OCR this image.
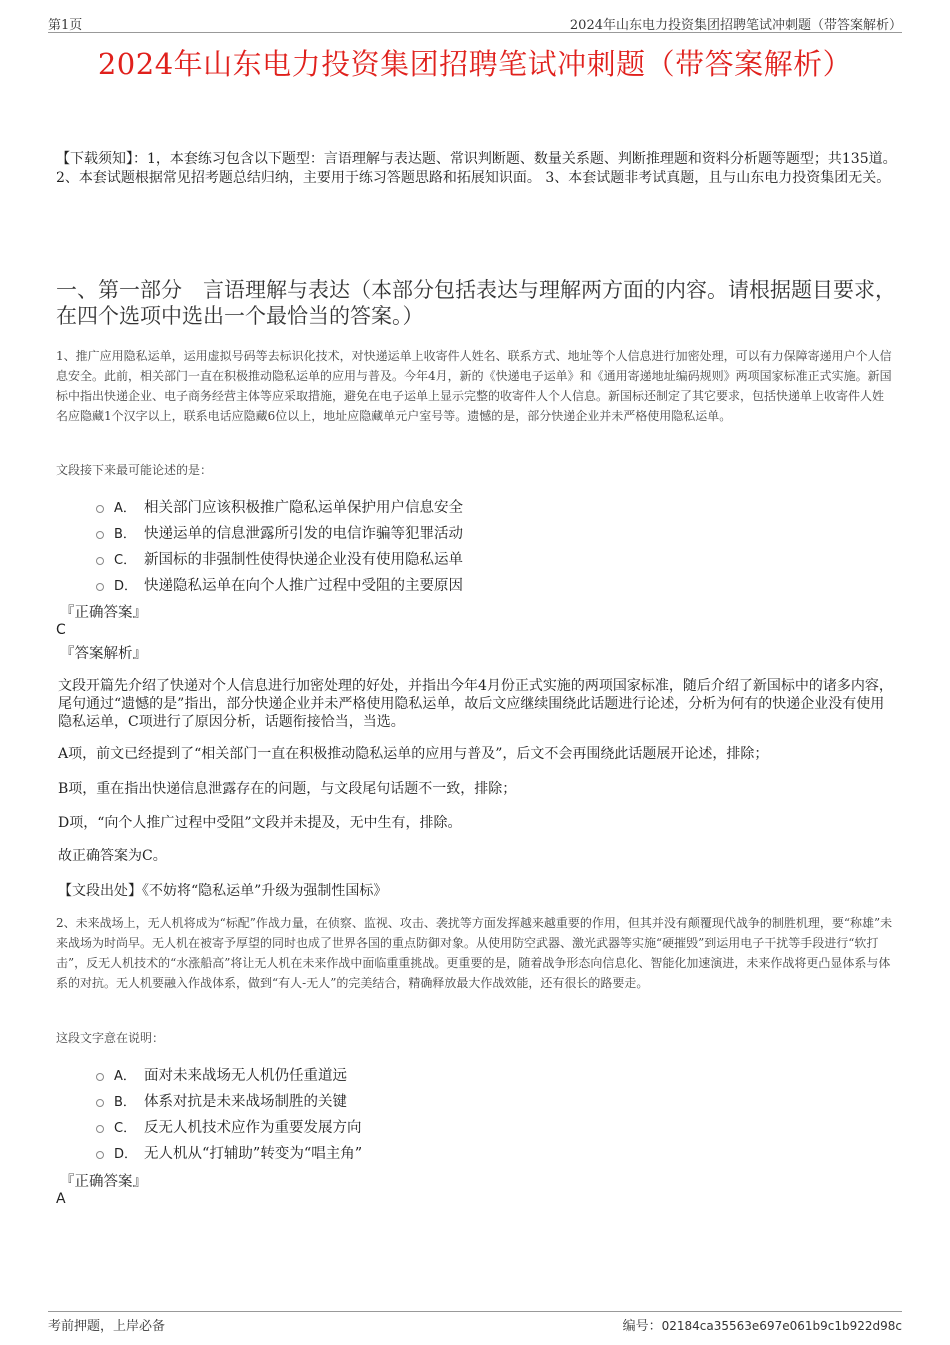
第1页	2024年山东电力投资集团招聘笔试冲刺题（带答案解析）
2024年山东电力投资集团招聘笔试冲刺题（带答案解析）
【下载须知】：1，本套练习包含以下题型：言语理解与表达题、常识判断题、数量关系题、判断推理题和资料分析题等题型；共135道。 2、本套试题根据常见招考题总结归纳，主要用于练习答题思路和拓展知识面。 3、本套试题非考试真题，且与山东电力投资集团无关。
一、第一部分　言语理解与表达（本部分包括表达与理解两方面的内容。请根据题目要求，在四个选项中选出一个最恰当的答案。）
1、推广应用隐私运单，运用虚拟号码等去标识化技术，对快递运单上收寄件人姓名、联系方式、地址等个人信息进行加密处理，可以有力保障寄递用户个人信息安全。此前，相关部门一直在积极推动隐私运单的应用与普及。今年4月，新的《快递电子运单》和《通用寄递地址编码规则》两项国家标准正式实施。新国标中指出快递企业、电子商务经营主体等应采取措施，避免在电子运单上显示完整的收寄件人个人信息。新国标还制定了其它要求，包括快递单上收寄件人姓名应隐藏1个汉字以上，联系电话应隐藏6位以上，地址应隐藏单元户室号等。遗憾的是，部分快递企业并未严格使用隐私运单。
文段接下来最可能论述的是：
A． 相关部门应该积极推广隐私运单保护用户信息安全
B． 快递运单的信息泄露所引发的电信诈骗等犯罪活动
C． 新国标的非强制性使得快递企业没有使用隐私运单
D． 快递隐私运单在向个人推广过程中受阻的主要原因
『正确答案』
C
『答案解析』
文段开篇先介绍了快递对个人信息进行加密处理的好处，并指出今年4月份正式实施的两项国家标准，随后介绍了新国标中的诸多内容，尾句通过“遗憾的是”指出，部分快递企业并未严格使用隐私运单，故后文应继续围绕此话题进行论述，分析为何有的快递企业没有使用隐私运单，C项进行了原因分析，话题衔接恰当，当选。
A项，前文已经提到了“相关部门一直在积极推动隐私运单的应用与普及”，后文不会再围绕此话题展开论述，排除；
B项，重在指出快递信息泄露存在的问题，与文段尾句话题不一致，排除；
D项，“向个人推广过程中受阻”文段并未提及，无中生有，排除。
故正确答案为C。
【文段出处】《不妨将“隐私运单”升级为强制性国标》
2、未来战场上，无人机将成为“标配”作战力量，在侦察、监视、攻击、袭扰等方面发挥越来越重要的作用，但其并没有颠覆现代战争的制胜机理，要“称雄”未来战场为时尚早。无人机在被寄予厚望的同时也成了世界各国的重点防御对象。从使用防空武器、激光武器等实施“硬摧毁”到运用电子干扰等手段进行“软打击”，反无人机技术的“水涨船高”将让无人机在未来作战中面临重重挑战。更重要的是，随着战争形态向信息化、智能化加速演进，未来作战将更凸显体系与体系的对抗。无人机要融入作战体系，做到“有人-无人”的完美结合，精确释放最大作战效能，还有很长的路要走。
这段文字意在说明：
A． 面对未来战场无人机仍任重道远
B． 体系对抗是未来战场制胜的关键
C． 反无人机技术应作为重要发展方向
D． 无人机从“打辅助”转变为“唱主角”
『正确答案』
A
考前押题，上岸必备	编号：02184ca35563e697e061b9c1b922d98c
